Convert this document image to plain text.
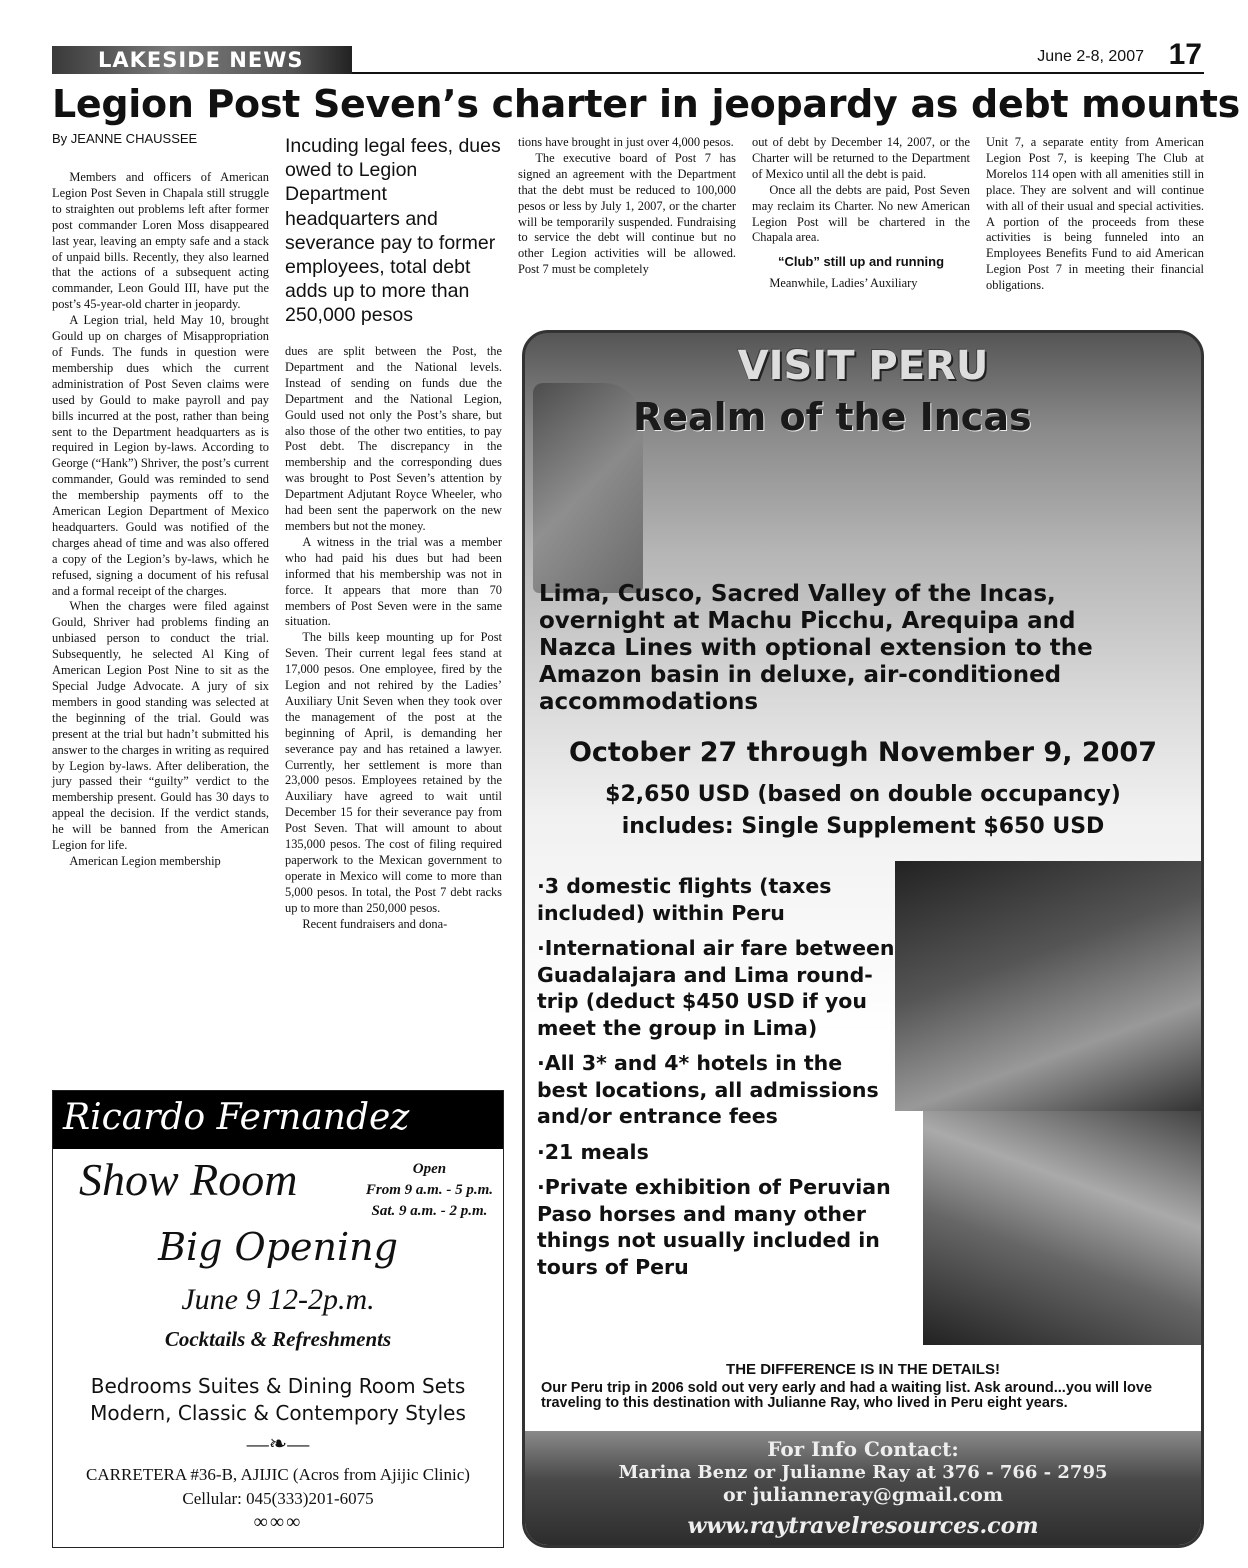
LAKESIDE NEWS	June 2-8, 2007 17
Legion Post Seven’s charter in jeopardy as debt mounts
By JEANNE CHAUSSEE

Members and officers of American Legion Post Seven in Chapala still struggle to straighten out problems left after former post commander Loren Moss disappeared last year, leaving an empty safe and a stack of unpaid bills. Recently, they also learned that the actions of a subsequent acting commander, Leon Gould III, have put the post’s 45-year-old charter in jeopardy.

A Legion trial, held May 10, brought Gould up on charges of Misappropriation of Funds. The funds in question were membership dues which the current administration of Post Seven claims were used by Gould to make payroll and pay bills incurred at the post, rather than being sent to the Department headquarters as is required in Legion by-laws. According to George (“Hank”) Shriver, the post’s current commander, Gould was reminded to send the membership payments off to the American Legion Department of Mexico headquarters. Gould was notified of the charges ahead of time and was also offered a copy of the Legion’s by-laws, which he refused, signing a document of his refusal and a formal receipt of the charges.

When the charges were filed against Gould, Shriver had problems finding an unbiased person to conduct the trial. Subsequently, he selected Al King of American Legion Post Nine to sit as the Special Judge Advocate. A jury of six members in good standing was selected at the beginning of the trial. Gould was present at the trial but hadn’t submitted his answer to the charges in writing as required by Legion by-laws. After deliberation, the jury passed their “guilty” verdict to the membership present. Gould has 30 days to appeal the decision. If the verdict stands, he will be banned from the American Legion for life.

American Legion membership

Incuding legal fees, dues owed to Legion Department headquarters and severance pay to former employees, total debt adds up to more than 250,000 pesos

dues are split between the Post, the Department and the National levels. Instead of sending on funds due the Department and the National Legion, Gould used not only the Post’s share, but also those of the other two entities, to pay Post debt. The discrepancy in the membership and the corresponding dues was brought to Post Seven’s attention by Department Adjutant Royce Wheeler, who had been sent the paperwork on the new members but not the money.

A witness in the trial was a member who had paid his dues but had been informed that his membership was not in force. It appears that more than 70 members of Post Seven were in the same situation.

The bills keep mounting up for Post Seven. Their current legal fees stand at 17,000 pesos. One employee, fired by the Legion and not rehired by the Ladies’ Auxiliary Unit Seven when they took over the management of the post at the beginning of April, is demanding her severance pay and has retained a lawyer. Currently, her settlement is more than 23,000 pesos. Employees retained by the Auxiliary have agreed to wait until December 15 for their severance pay from Post Seven. That will amount to about 135,000 pesos. The cost of filing required paperwork to the Mexican government to operate in Mexico will come to more than 5,000 pesos. In total, the Post 7 debt racks up to more than 250,000 pesos.

Recent fundraisers and dona-

tions have brought in just over 4,000 pesos.

The executive board of Post 7 has signed an agreement with the Department that the debt must be reduced to 100,000 pesos or less by July 1, 2007, or the charter will be temporarily suspended. Fundraising to service the debt will continue but no other Legion activities will be allowed. Post 7 must be completely

out of debt by December 14, 2007, or the Charter will be returned to the Department of Mexico until all the debt is paid.

Once all the debts are paid, Post Seven may reclaim its Charter. No new American Legion Post will be chartered in the Chapala area.

“Club” still up and running

Meanwhile, Ladies’ Auxiliary

Unit 7, a separate entity from American Legion Post 7, is keeping The Club at Morelos 114 open with all amenities still in place. They are solvent and will continue with all of their usual and special activities. A portion of the proceeds from these activities is being funneled into an Employees Benefits Fund to aid American Legion Post 7 in meeting their financial obligations.

Ricardo Fernandez
Show Room	Open
From 9 a.m. - 5 p.m.
Sat. 9 a.m. - 2 p.m.
Big Opening
June 9 12-2p.m.
Cocktails & Refreshments
Bedrooms Suites & Dining Room Sets
Modern, Classic & Contempory Styles
—❧—
CARRETERA #36-B, AJIJIC (Acros from Ajijic Clinic)
Cellular: 045(333)201-6075
∞∞∞
VISIT PERU
Realm of the Incas
Lima, Cusco, Sacred Valley of the Incas, overnight at Machu Picchu, Arequipa and Nazca Lines with optional extension to the Amazon basin in deluxe, air-conditioned accommodations
October 27 through November 9, 2007
$2,650 USD (based on double occupancy)
includes: Single Supplement $650 USD
·3 domestic flights (taxes included) within Peru
·International air fare between Guadalajara and Lima round-trip (deduct $450 USD if you meet the group in Lima)
·All 3* and 4* hotels in the best locations, all admissions and/or entrance fees
·21 meals
·Private exhibition of Peruvian Paso horses and many other things not usually included in tours of Peru
THE DIFFERENCE IS IN THE DETAILS!
Our Peru trip in 2006 sold out very early and had a waiting list. Ask around...you will love traveling to this destination with Julianne Ray, who lived in Peru eight years.
For Info Contact:
Marina Benz or Julianne Ray at 376 - 766 - 2795
or julianneray@gmail.com
www.raytravelresources.com
